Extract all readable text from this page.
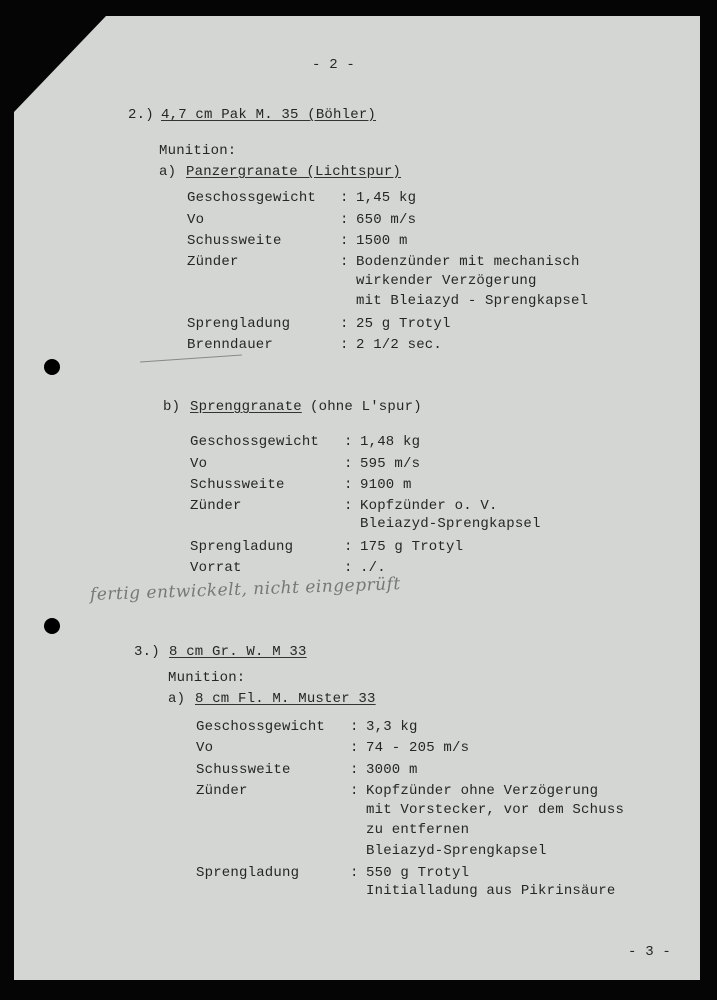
- 2 -
2.) 4,7 cm Pak M. 35 (Böhler)
Munition:
a) Panzergranate (Lichtspur)
Geschossgewicht : 1,45 kg
Vo	: 650 m/s
Schussweite	: 1500 m
Zünder	: Bodenzünder mit mechanisch
wirkender Verzögerung
mit Bleiazyd - Sprengkapsel
Sprengladung	: 25 g Trotyl
Brenndauer	: 2 1/2 sec.
b) Sprenggranate (ohne L'spur)
Geschossgewicht : 1,48 kg
Vo	: 595 m/s
Schussweite	: 9100 m
Zünder	: Kopfzünder o. V.
Bleiazyd-Sprengkapsel
Sprengladung	: 175 g Trotyl
Vorrat	: ./.
fertig entwickelt, nicht eingeprüft
3.) 8 cm Gr. W. M 33
Munition:
a) 8 cm Fl. M. Muster 33
Geschossgewicht : 3,3 kg
Vo	: 74 - 205 m/s
Schussweite	: 3000 m
Zünder	: Kopfzünder ohne Verzögerung
mit Vorstecker, vor dem Schuss
zu entfernen
Bleiazyd-Sprengkapsel
Sprengladung	: 550 g Trotyl
Initialladung aus Pikrinsäure
- 3 -
